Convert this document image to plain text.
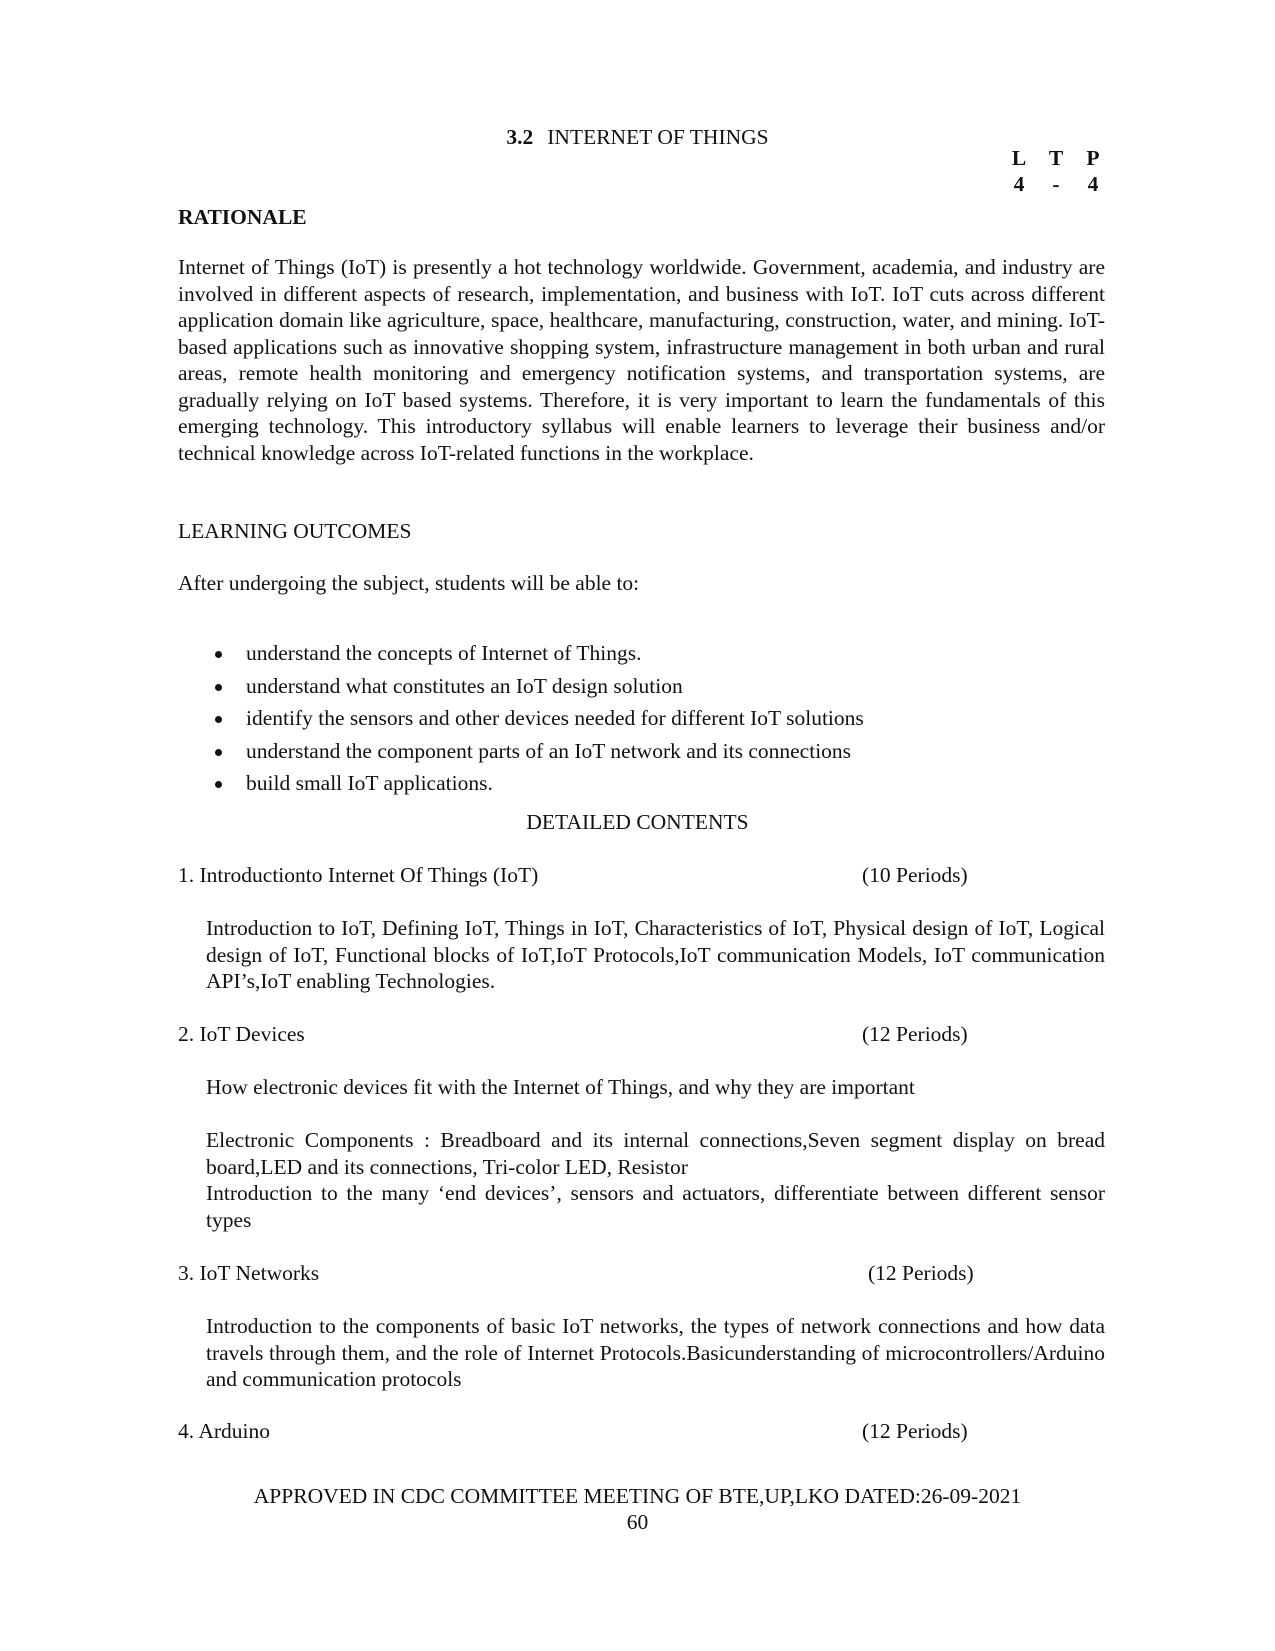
3.2 INTERNET OF THINGS
L T P
4 - 4
RATIONALE
Internet of Things (IoT) is presently a hot technology worldwide. Government, academia, and industry are involved in different aspects of research, implementation, and business with IoT. IoT cuts across different application domain like agriculture, space, healthcare, manufacturing, construction, water, and mining. IoT-based applications such as innovative shopping system, infrastructure management in both urban and rural areas, remote health monitoring and emergency notification systems, and transportation systems, are gradually relying on IoT based systems. Therefore, it is very important to learn the fundamentals of this emerging technology. This introductory syllabus will enable learners to leverage their business and/or technical knowledge across IoT-related functions in the workplace.
LEARNING OUTCOMES
After undergoing the subject, students will be able to:
understand the concepts of Internet of Things.
understand what constitutes an IoT design solution
identify the sensors and other devices needed for different IoT solutions
understand the component parts of an IoT network and its connections
build small IoT applications.
DETAILED CONTENTS
1. Introductionto Internet Of Things (IoT)	(10 Periods)
Introduction to IoT, Defining IoT, Things in IoT, Characteristics of IoT, Physical design of IoT, Logical design of IoT, Functional blocks of IoT,IoT Protocols,IoT communication Models, IoT communication API’s,IoT enabling Technologies.
2. IoT Devices	(12 Periods)
How electronic devices fit with the Internet of Things, and why they are important
Electronic Components : Breadboard and its internal connections,Seven segment display on bread board,LED and its connections, Tri-color LED, Resistor
Introduction to the many ‘end devices’, sensors and actuators, differentiate between different sensor types
3. IoT Networks	(12 Periods)
Introduction to the components of basic IoT networks, the types of network connections and how data travels through them, and the role of Internet Protocols.Basicunderstanding of microcontrollers/Arduino and communication protocols
4. Arduino	(12 Periods)
APPROVED IN CDC COMMITTEE MEETING OF BTE,UP,LKO DATED:26-09-2021
60
